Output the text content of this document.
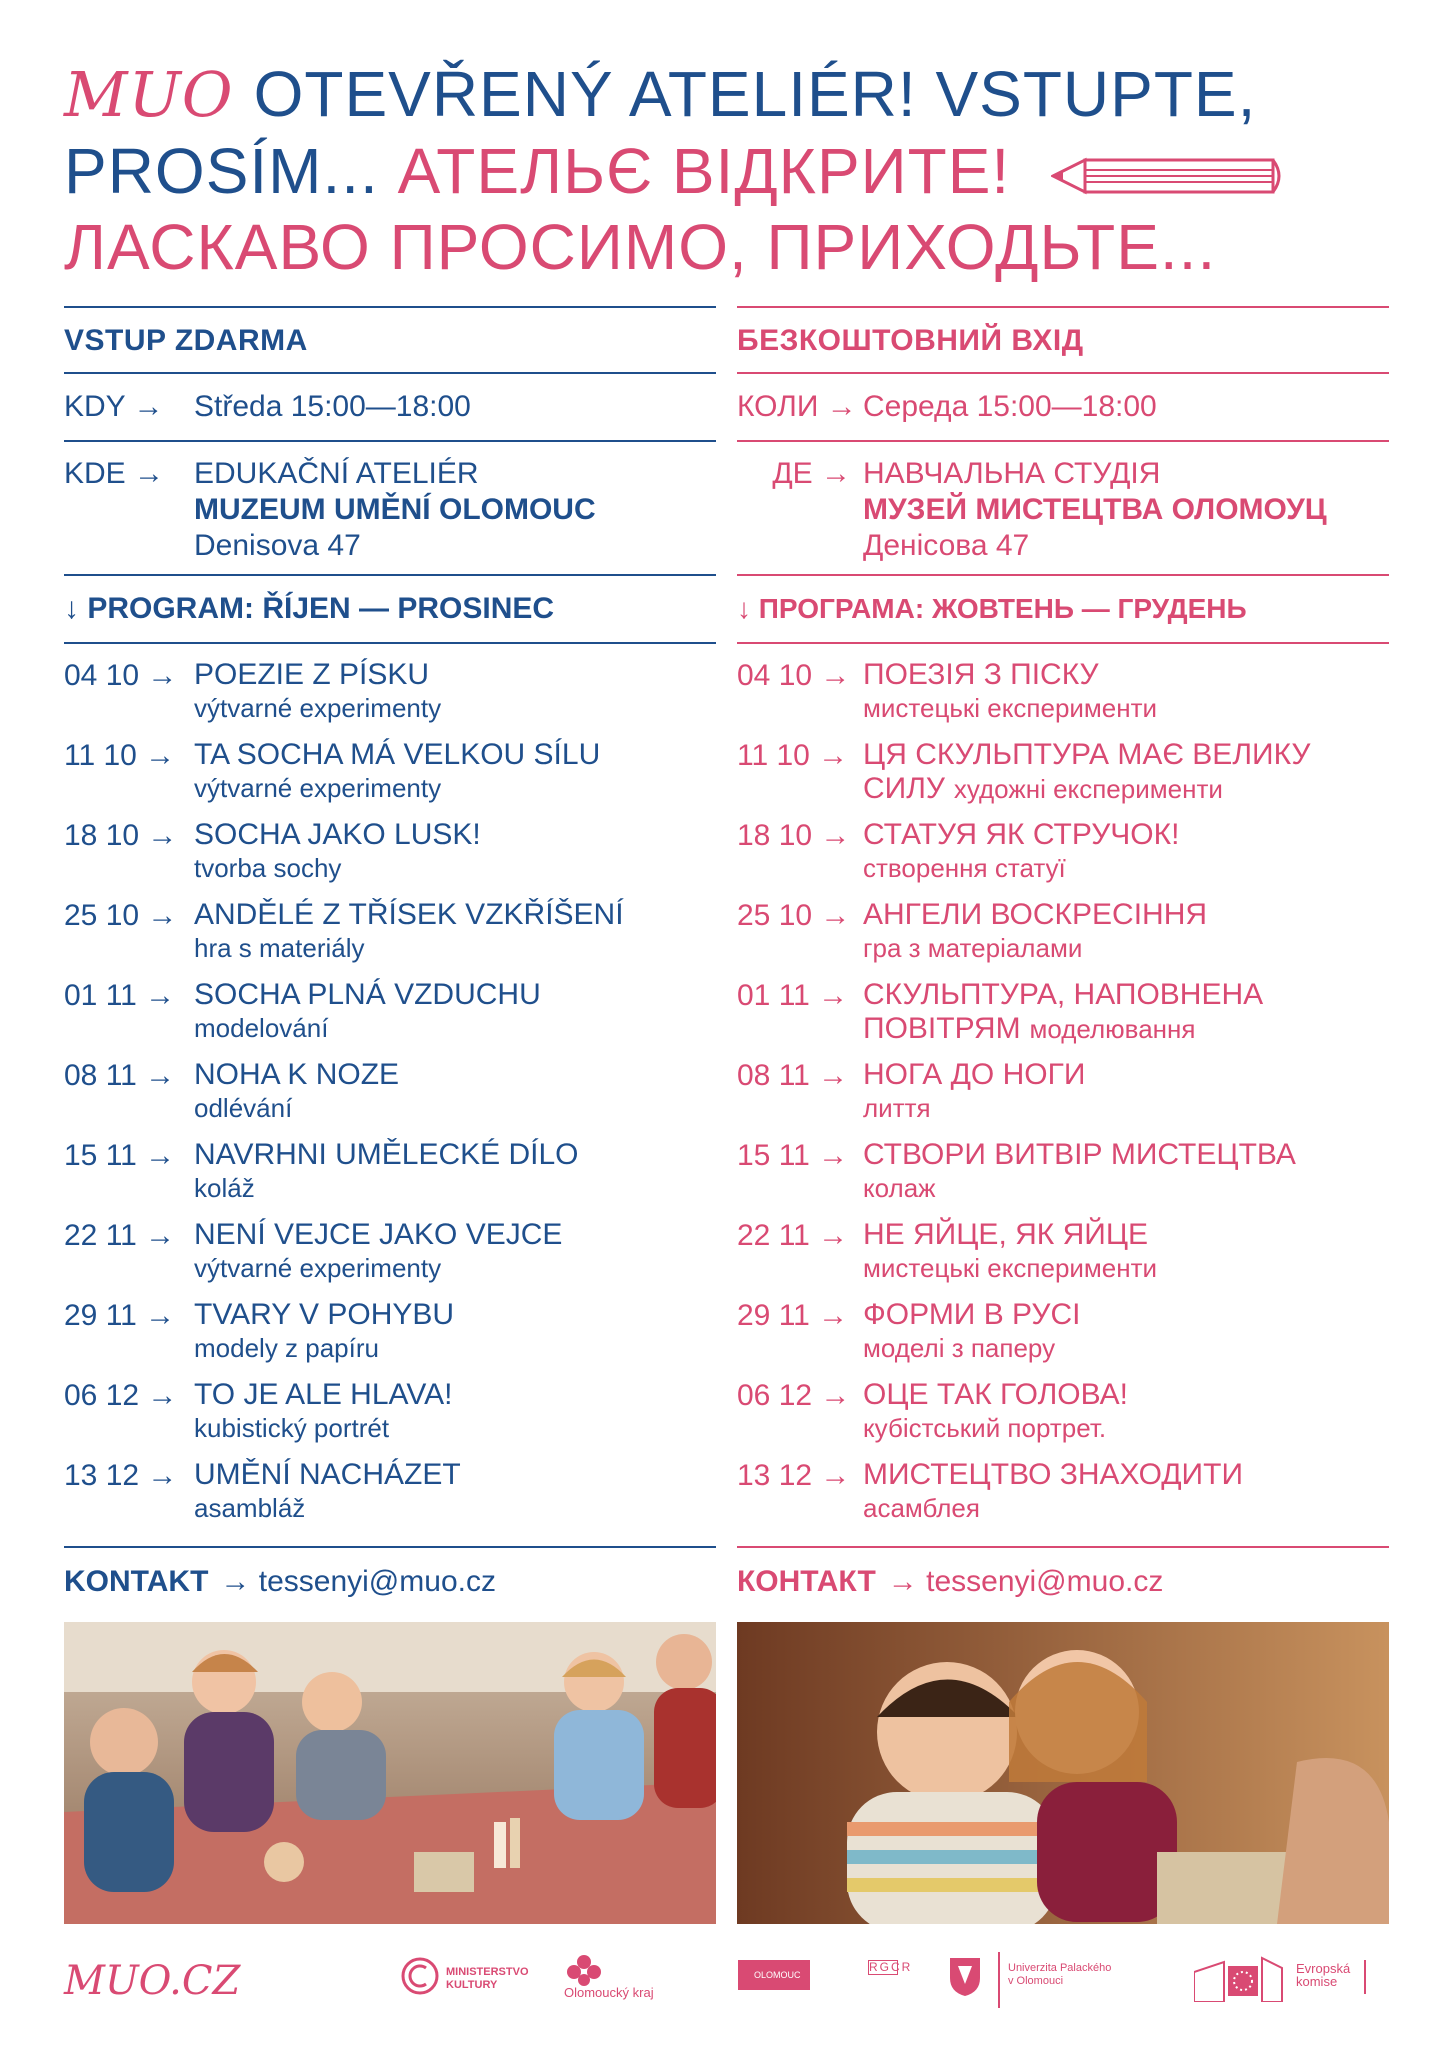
MUO OTEVŘENÝ ATELIÉR! VSTUPTE,
PROSÍM... АТЕЛЬЄ ВІДКРИТЕ!
ЛАСКАВО ПРОСИМО, ПРИХОДЬТЕ...
VSTUP ZDARMA
KDY →	Středa 15:00—18:00
KDE → EDUKAČNÍ ATELIÉR
MUZEUM UMĚNÍ OLOMOUC
Denisova 47
↓ PROGRAM: ŘÍJEN — PROSINEC
04 10 → POEZIE Z PÍSKU
výtvarné experimenty
11 10 → TA SOCHA MÁ VELKOU SÍLU
výtvarné experimenty
18 10 → SOCHA JAKO LUSK!
tvorba sochy
25 10 → ANDĚLÉ Z TŘÍSEK VZKŘÍŠENÍ
hra s materiály
01 11 → SOCHA PLNÁ VZDUCHU
modelování
08 11 → NOHA K NOZE
odlévání
15 11 → NAVRHNI UMĚLECKÉ DÍLO
koláž
22 11 → NENÍ VEJCE JAKO VEJCE
výtvarné experimenty
29 11 → TVARY V POHYBU
modely z papíru
06 12 → TO JE ALE HLAVA!
kubistický portrét
13 12 → UMĚNÍ NACHÁZET
asambláž
KONTAKT → tessenyi@muo.cz
БЕЗКОШТОВНИЙ ВХІД
КОЛИ → Середа 15:00—18:00
ДЕ → НАВЧАЛЬНА СТУДІЯ
МУЗЕЙ МИСТЕЦТВА ОЛОМОУЦ
Денісова 47
↓ ПРОГРАМА: ЖОВТЕНЬ — ГРУДЕНЬ
04 10 → ПОЕЗІЯ З ПІСКУ
мистецькі експерименти
11 10 → ЦЯ СКУЛЬПТУРА МАЄ ВЕЛИКУ
СИЛУ художні експерименти
18 10 → СТАТУЯ ЯК СТРУЧОК!
створення статуї
25 10 → АНГЕЛИ ВОСКРЕСІННЯ
гра з матеріалами
01 11 → СКУЛЬПТУРА, НАПОВНЕНА
ПОВІТРЯМ моделювання
08 11 → НОГА ДО НОГИ
лиття
15 11 → СТВОРИ ВИТВІР МИСТЕЦТВА
колаж
22 11 → НЕ ЯЙЦЕ, ЯК ЯЙЦЕ
мистецькі експерименти
29 11 → ФОРМИ В РУСІ
моделі з паперу
06 12 → ОЦЕ ТАК ГОЛОВА!
кубістський портрет.
13 12 → МИСТЕЦТВО ЗНАХОДИТИ
асамблея
КОНТАКТ → tessenyi@muo.cz
MUO.CZ	MINISTERSTVO KULTURY	Olomoucký kraj
OLOMOUC
RGCR	Univerzita Palackého v Olomouci
Evropská komise
